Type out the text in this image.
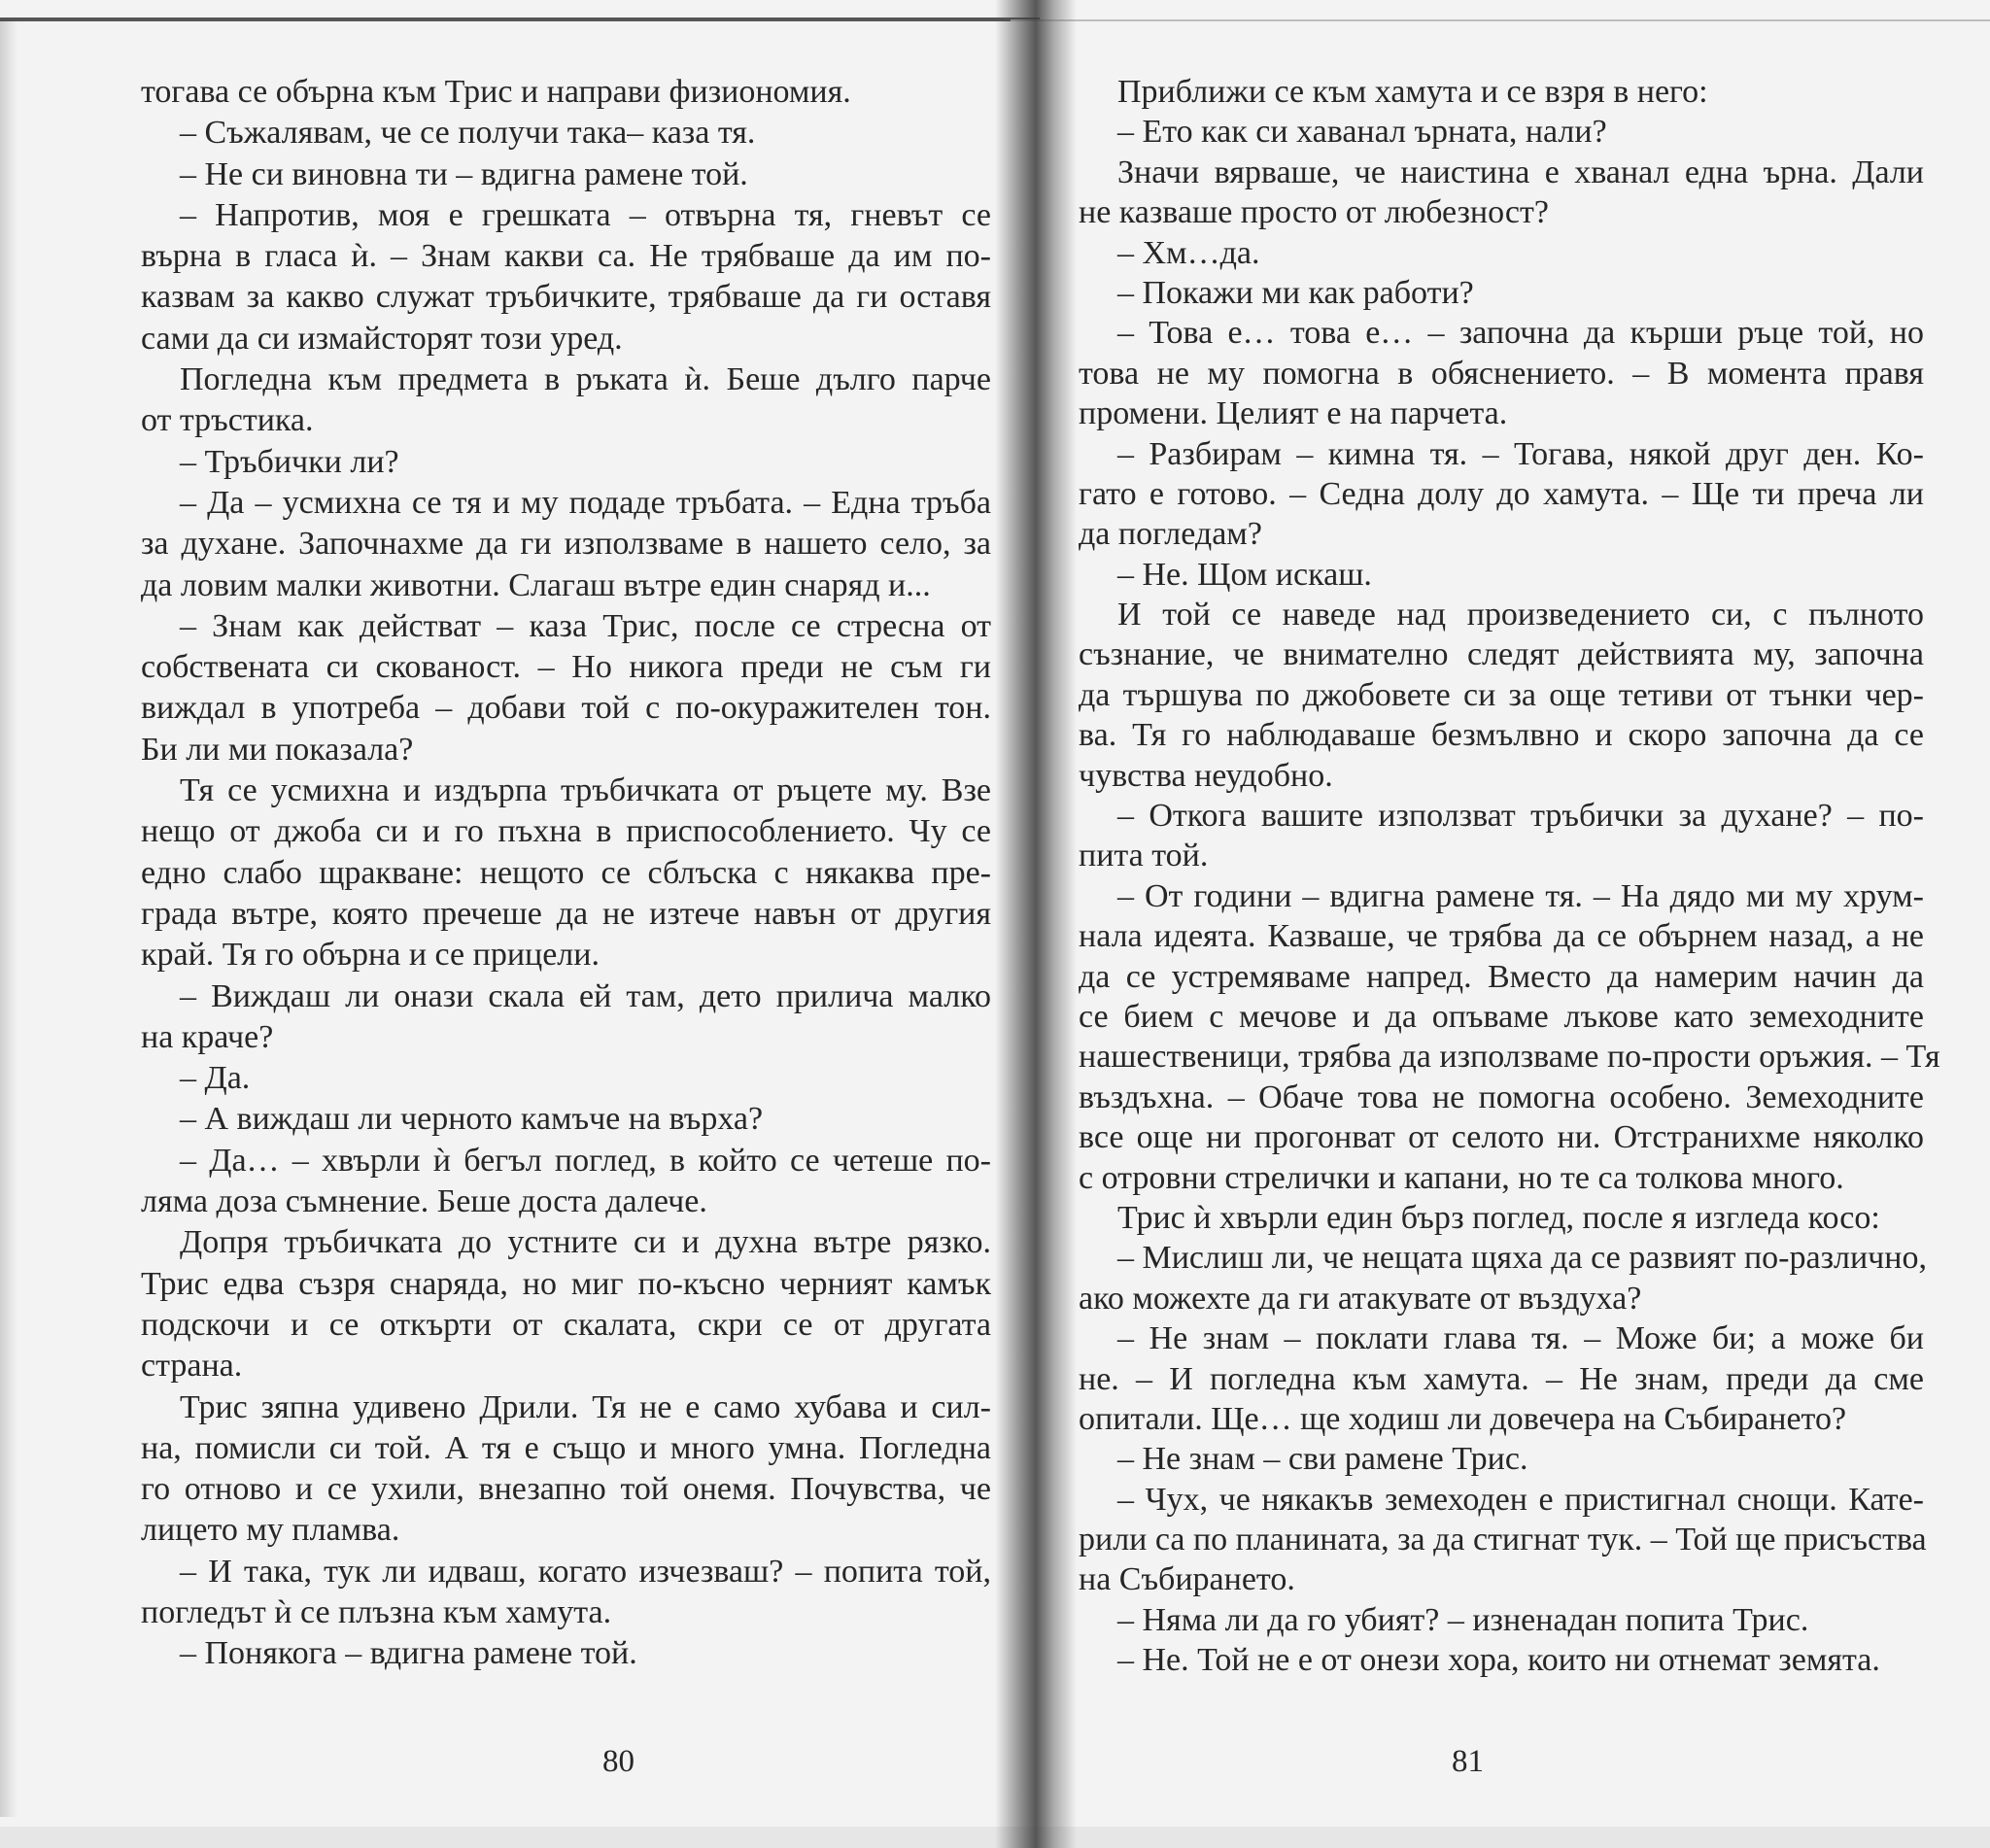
тогава се обърна към Трис и направи физиономия.
– Съжалявам, че се получи така– каза тя.
– Не си виновна ти – вдигна рамене той.
– Напротив, моя е грешката – отвърна тя, гневът се
върна в гласа ѝ. – Знам какви са. Не трябваше да им по-
казвам за какво служат тръбичките, трябваше да ги оставя
сами да си измайсторят този уред.
Погледна към предмета в ръката ѝ. Беше дълго парче
от тръстика.
– Тръбички ли?
– Да – усмихна се тя и му подаде тръбата. – Една тръба
за духане. Започнахме да ги използваме в нашето село, за
да ловим малки животни. Слагаш вътре един снаряд и...
– Знам как действат – каза Трис, после се стресна от
собствената си скованост. – Но никога преди не съм ги
виждал в употреба – добави той с по-окуражителен тон.
Би ли ми показала?
Тя се усмихна и издърпа тръбичката от ръцете му. Взе
нещо от джоба си и го пъхна в приспособлението. Чу се
едно слабо щракване: нещото се сблъска с някаква пре-
града вътре, която пречеше да не изтече навън от другия
край. Тя го обърна и се прицели.
– Виждаш ли онази скала ей там, дето прилича малко
на краче?
– Да.
– А виждаш ли черното камъче на върха?
– Да… – хвърли ѝ бегъл поглед, в който се четеше по-
ляма доза съмнение. Беше доста далече.
Допря тръбичката до устните си и духна вътре рязко.
Трис едва съзря снаряда, но миг по-късно черният камък
подскочи и се откърти от скалата, скри се от другата
страна.
Трис зяпна удивено Дрили. Тя не е само хубава и сил-
на, помисли си той. А тя е също и много умна. Погледна
го отново и се ухили, внезапно той онемя. Почувства, че
лицето му пламва.
– И така, тук ли идваш, когато изчезваш? – попита той,
погледът ѝ се плъзна към хамута.
– Понякога – вдигна рамене той.
Приближи се към хамута и се взря в него:
– Ето как си хаванал ърната, нали?
Значи вярваше, че наистина е хванал една ърна. Дали
не казваше просто от любезност?
– Хм…да.
– Покажи ми как работи?
– Това е… това е… – започна да кърши ръце той, но
това не му помогна в обяснението. – В момента правя
промени. Целият е на парчета.
– Разбирам – кимна тя. – Тогава, някой друг ден. Ко-
гато е готово. – Седна долу до хамута. – Ще ти преча ли
да погледам?
– Не. Щом искаш.
И той се наведе над произведението си, с пълното
съзнание, че внимателно следят действията му, започна
да тършува по джобовете си за още тетиви от тънки чер-
ва. Тя го наблюдаваше безмълвно и скоро започна да се
чувства неудобно.
– Откога вашите използват тръбички за духане? – по-
пита той.
– От години – вдигна рамене тя. – На дядо ми му хрум-
нала идеята. Казваше, че трябва да се обърнем назад, а не
да се устремяваме напред. Вместо да намерим начин да
се бием с мечове и да опъваме лъкове като земеходните
нашественици, трябва да използваме по-прости оръжия. – Тя
въздъхна. – Обаче това не помогна особено. Земеходните
все още ни прогонват от селото ни. Отстранихме няколко
с отровни стрелички и капани, но те са толкова много.
Трис ѝ хвърли един бърз поглед, после я изгледа косо:
– Мислиш ли, че нещата щяха да се развият по-различно,
ако можехте да ги атакувате от въздуха?
– Не знам – поклати глава тя. – Може би; а може би
не. – И погледна към хамута. – Не знам, преди да сме
опитали. Ще… ще ходиш ли довечера на Събирането?
– Не знам – сви рамене Трис.
– Чух, че някакъв земеходен е пристигнал снощи. Кате-
рили са по планината, за да стигнат тук. – Той ще присъства
на Събирането.
– Няма ли да го убият? – изненадан попита Трис.
– Не. Той не е от онези хора, които ни отнемат земята.
80	81
